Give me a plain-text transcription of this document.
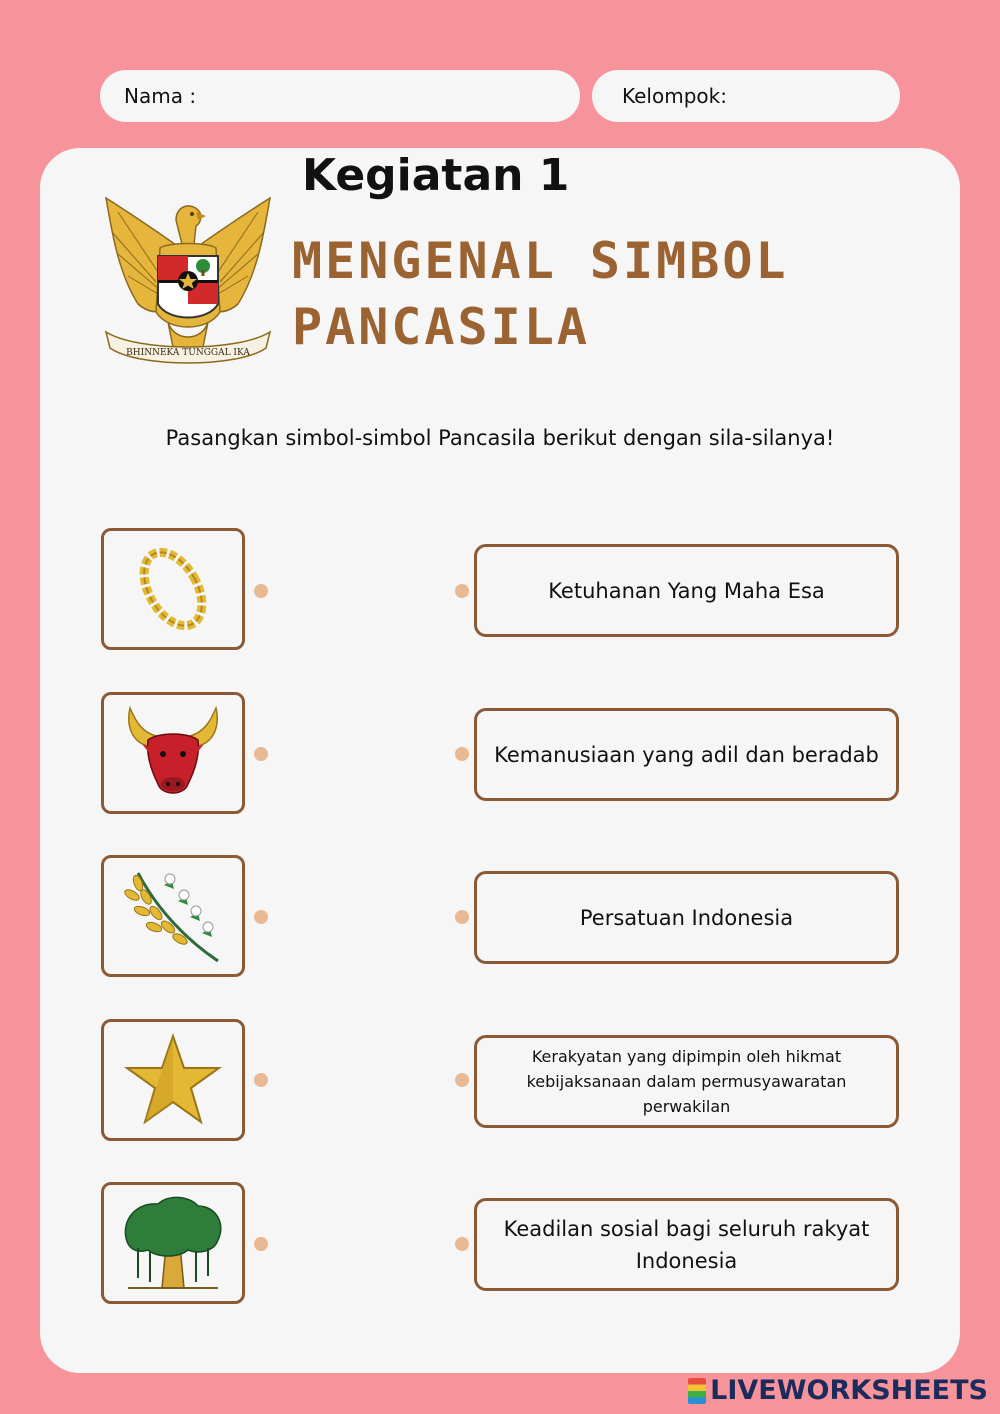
Nama :	Kelompok:
BHINNEKA TUNGGAL IKA
Kegiatan 1
MENGENAL SIMBOL
PANCASILA
Pasangkan simbol-simbol Pancasila berikut dengan sila-silanya!
Ketuhanan Yang Maha Esa
Kemanusiaan yang adil dan beradab
Persatuan Indonesia
Kerakyatan yang dipimpin oleh hikmat kebijaksanaan dalam permusyawaratan perwakilan
Keadilan sosial bagi seluruh rakyat Indonesia
LIVEWORKSHEETS
